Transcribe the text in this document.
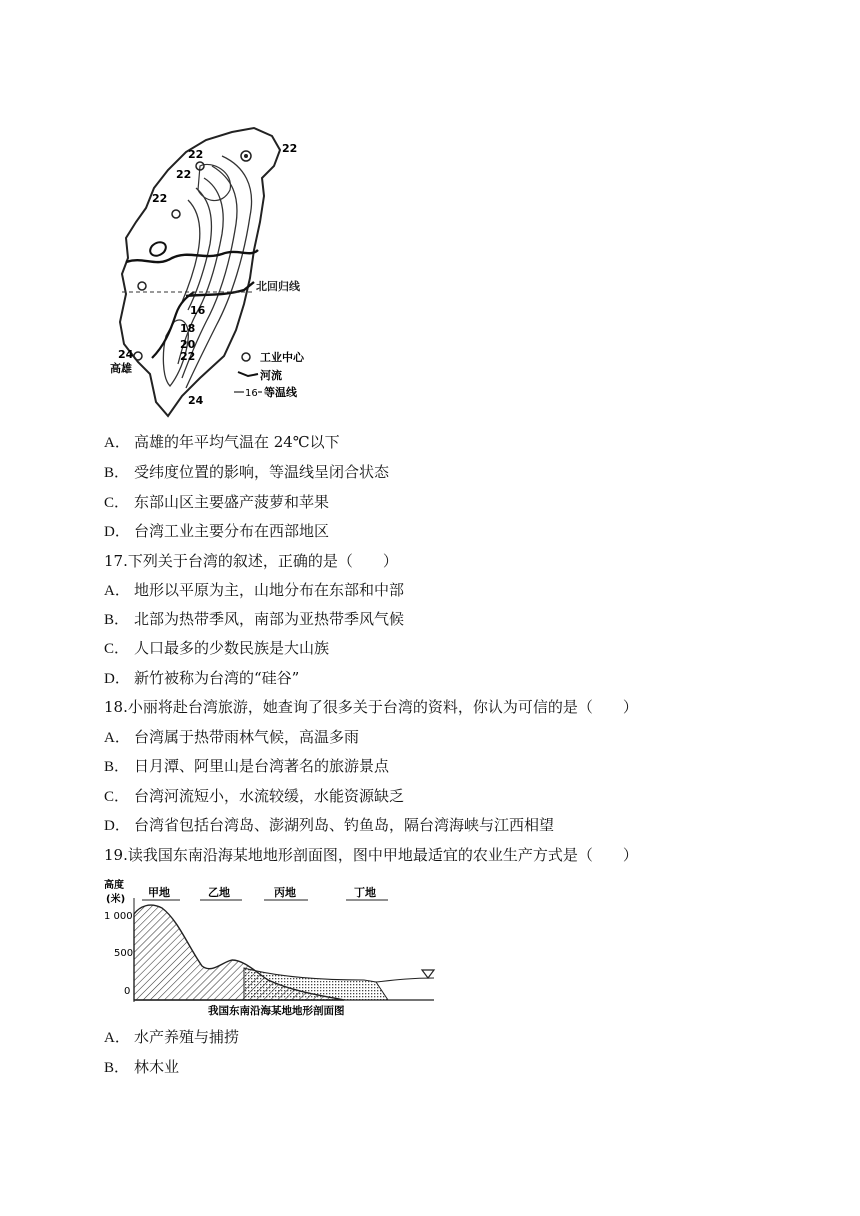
北回归线
22	22
22
22
16
18
20
22
24
24
高雄
工业中心
河流
16 等温线
A． 高雄的年平均气温在 24℃以下
B． 受纬度位置的影响，等温线呈闭合状态
C． 东部山区主要盛产菠萝和苹果
D． 台湾工业主要分布在西部地区
17.下列关于台湾的叙述，正确的是（　　）
A． 地形以平原为主，山地分布在东部和中部
B． 北部为热带季风，南部为亚热带季风气候
C． 人口最多的少数民族是大山族
D． 新竹被称为台湾的“硅谷”
18.小丽将赴台湾旅游，她查询了很多关于台湾的资料，你认为可信的是（　　）
A． 台湾属于热带雨林气候，高温多雨
B． 日月潭、阿里山是台湾著名的旅游景点
C． 台湾河流短小，水流较缓，水能资源缺乏
D． 台湾省包括台湾岛、澎湖列岛、钓鱼岛，隔台湾海峡与江西相望
19.读我国东南沿海某地地形剖面图，图中甲地最适宜的农业生产方式是（　　）
高度
(米)
1 000
500
0
甲地	乙地	丙地	丁地
我国东南沿海某地地形剖面图
A． 水产养殖与捕捞
B． 林木业
